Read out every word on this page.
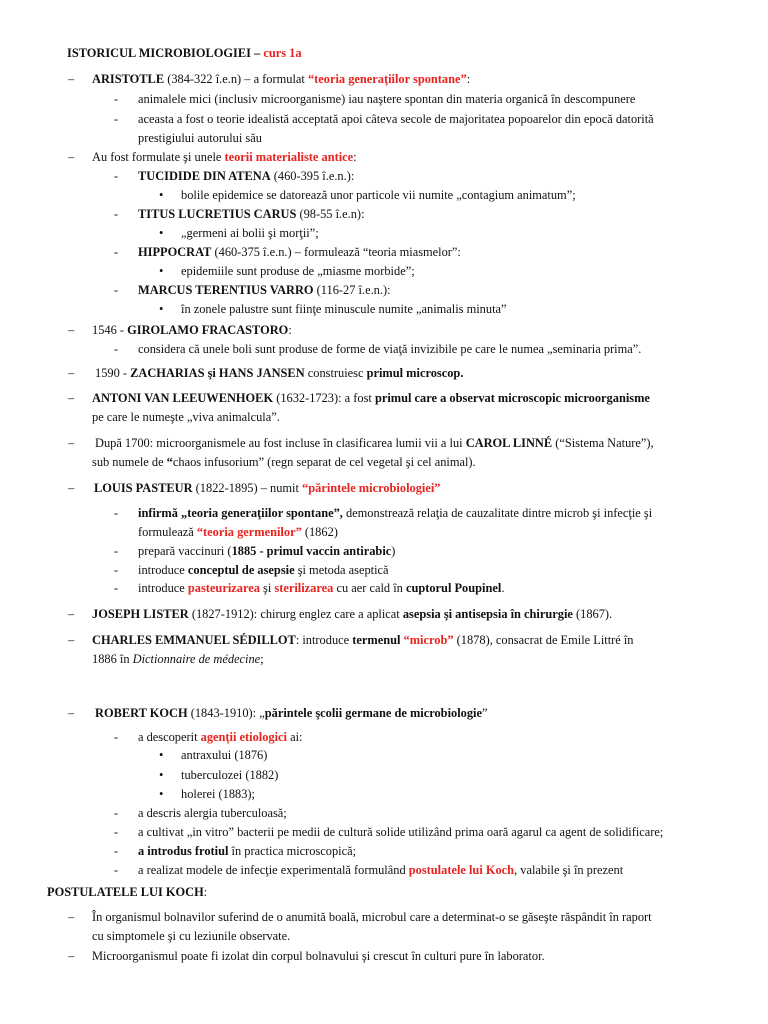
ISTORICUL MICROBIOLOGIEI – curs 1a
– ARISTOTLE (384-322 î.e.n) – a formulat “teoria generaţiilor spontane”:
- animalele mici (inclusiv microorganisme) iau naştere spontan din materia organică în descompunere
- aceasta a fost o teorie idealistă acceptată apoi câteva secole de majoritatea popoarelor din epocă datorită
prestigiului autorului său
– Au fost formulate şi unele teorii materialiste antice:
- TUCIDIDE DIN ATENA (460-395 î.e.n.):
• bolile epidemice se datorează unor particole vii numite „contagium animatum”;
- TITUS LUCRETIUS CARUS (98-55 î.e.n):
• „germeni ai bolii şi morţii”;
- HIPPOCRAT (460-375 î.e.n.) – formulează “teoria miasmelor”:
• epidemiile sunt produse de „miasme morbide”;
- MARCUS TERENTIUS VARRO (116-27 î.e.n.):
• în zonele palustre sunt fiinţe minuscule numite „animalis minuta”
– 1546 - GIROLAMO FRACASTORO:
- considera că unele boli sunt produse de forme de viaţă invizibile pe care le numea „seminaria prima”.
– 1590 - ZACHARIAS şi HANS JANSEN construiesc primul microscop.
– ANTONI VAN LEEUWENHOEK (1632-1723): a fost primul care a observat microscopic microorganisme
pe care le numeşte „viva animalcula”.
– După 1700: microorganismele au fost incluse în clasificarea lumii vii a lui CAROL LINNÉ (“Sistema Nature”),
sub numele de “chaos infusorium” (regn separat de cel vegetal şi cel animal).
– LOUIS PASTEUR (1822-1895) – numit “părintele microbiologiei”
- infirmă „teoria generaţiilor spontane”, demonstrează relaţia de cauzalitate dintre microb şi infecţie şi
formulează “teoria germenilor” (1862)
- prepară vaccinuri (1885 - primul vaccin antirabic)
- introduce conceptul de asepsie şi metoda aseptică
- introduce pasteurizarea şi sterilizarea cu aer cald în cuptorul Poupinel.
– JOSEPH LISTER (1827-1912): chirurg englez care a aplicat asepsia şi antisepsia în chirurgie (1867).
– CHARLES EMMANUEL SÉDILLOT: introduce termenul “microb” (1878), consacrat de Emile Littré în
1886 în Dictionnaire de médecine;
– ROBERT KOCH (1843-1910): „părintele şcolii germane de microbiologie”
- a descoperit agenţii etiologici ai:
• antraxului (1876)
• tuberculozei (1882)
• holerei (1883);
- a descris alergia tuberculoasă;
- a cultivat „in vitro” bacterii pe medii de cultură solide utilizând prima oară agarul ca agent de solidificare;
- a introdus frotiul în practica microscopică;
- a realizat modele de infecţie experimentală formulând postulatele lui Koch, valabile şi în prezent
POSTULATELE LUI KOCH:
– În organismul bolnavilor suferind de o anumită boală, microbul care a determinat-o se găseşte răspândit în raport
cu simptomele şi cu leziunile observate.
– Microorganismul poate fi izolat din corpul bolnavului şi crescut în culturi pure în laborator.
